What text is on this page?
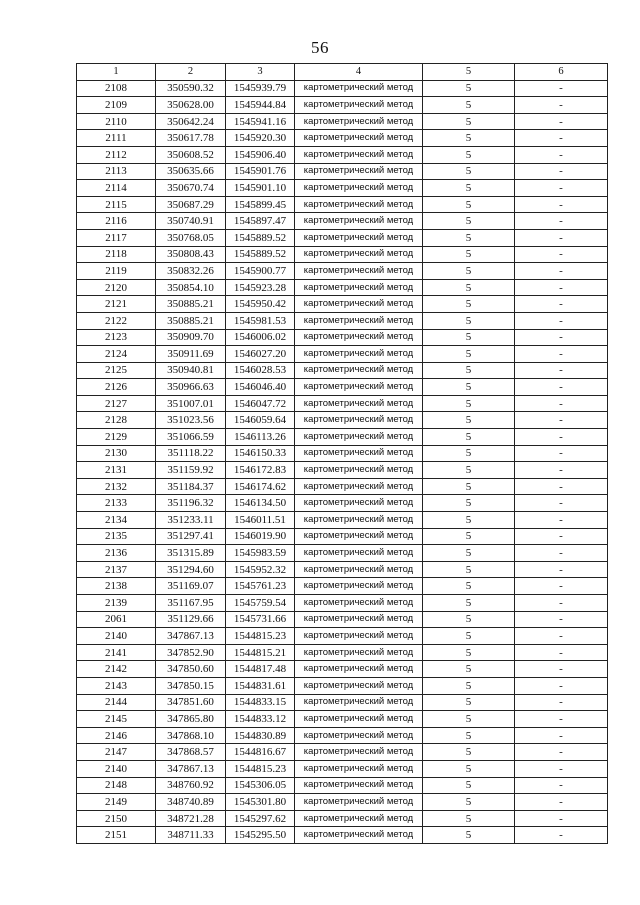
56
1	2	3	4	5	6
2108	350590.32	1545939.79	картометрический метод	5	-
2109	350628.00	1545944.84	картометрический метод	5	-
2110	350642.24	1545941.16	картометрический метод	5	-
2111	350617.78	1545920.30	картометрический метод	5	-
2112	350608.52	1545906.40	картометрический метод	5	-
2113	350635.66	1545901.76	картометрический метод	5	-
2114	350670.74	1545901.10	картометрический метод	5	-
2115	350687.29	1545899.45	картометрический метод	5	-
2116	350740.91	1545897.47	картометрический метод	5	-
2117	350768.05	1545889.52	картометрический метод	5	-
2118	350808.43	1545889.52	картометрический метод	5	-
2119	350832.26	1545900.77	картометрический метод	5	-
2120	350854.10	1545923.28	картометрический метод	5	-
2121	350885.21	1545950.42	картометрический метод	5	-
2122	350885.21	1545981.53	картометрический метод	5	-
2123	350909.70	1546006.02	картометрический метод	5	-
2124	350911.69	1546027.20	картометрический метод	5	-
2125	350940.81	1546028.53	картометрический метод	5	-
2126	350966.63	1546046.40	картометрический метод	5	-
2127	351007.01	1546047.72	картометрический метод	5	-
2128	351023.56	1546059.64	картометрический метод	5	-
2129	351066.59	1546113.26	картометрический метод	5	-
2130	351118.22	1546150.33	картометрический метод	5	-
2131	351159.92	1546172.83	картометрический метод	5	-
2132	351184.37	1546174.62	картометрический метод	5	-
2133	351196.32	1546134.50	картометрический метод	5	-
2134	351233.11	1546011.51	картометрический метод	5	-
2135	351297.41	1546019.90	картометрический метод	5	-
2136	351315.89	1545983.59	картометрический метод	5	-
2137	351294.60	1545952.32	картометрический метод	5	-
2138	351169.07	1545761.23	картометрический метод	5	-
2139	351167.95	1545759.54	картометрический метод	5	-
2061	351129.66	1545731.66	картометрический метод	5	-
2140	347867.13	1544815.23	картометрический метод	5	-
2141	347852.90	1544815.21	картометрический метод	5	-
2142	347850.60	1544817.48	картометрический метод	5	-
2143	347850.15	1544831.61	картометрический метод	5	-
2144	347851.60	1544833.15	картометрический метод	5	-
2145	347865.80	1544833.12	картометрический метод	5	-
2146	347868.10	1544830.89	картометрический метод	5	-
2147	347868.57	1544816.67	картометрический метод	5	-
2140	347867.13	1544815.23	картометрический метод	5	-
2148	348760.92	1545306.05	картометрический метод	5	-
2149	348740.89	1545301.80	картометрический метод	5	-
2150	348721.28	1545297.62	картометрический метод	5	-
2151	348711.33	1545295.50	картометрический метод	5	-
